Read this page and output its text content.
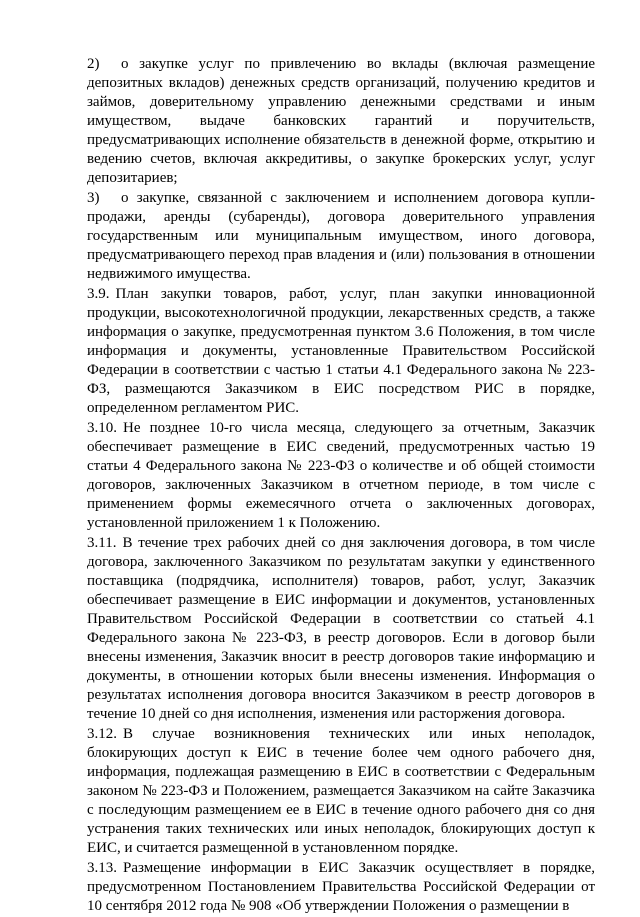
2) о закупке услуг по привлечению во вклады (включая размещение депозитных вкладов) денежных средств организаций, получению кредитов и займов, доверительному управлению денежными средствами и иным имуществом, выдаче банковских гарантий и поручительств, предусматривающих исполнение обязательств в денежной форме, открытию и ведению счетов, включая аккредитивы, о закупке брокерских услуг, услуг депозитариев;

3) о закупке, связанной с заключением и исполнением договора купли-продажи, аренды (субаренды), договора доверительного управления государственным или муниципальным имуществом, иного договора, предусматривающего переход прав владения и (или) пользования в отношении недвижимого имущества.

3.9. План закупки товаров, работ, услуг, план закупки инновационной продукции, высокотехнологичной продукции, лекарственных средств, а также информация о закупке, предусмотренная пунктом 3.6 Положения, в том числе информация и документы, установленные Правительством Российской Федерации в соответствии с частью 1 статьи 4.1 Федерального закона № 223-ФЗ, размещаются Заказчиком в ЕИС посредством РИС в порядке, определенном регламентом РИС.

3.10. Не позднее 10-го числа месяца, следующего за отчетным, Заказчик обеспечивает размещение в ЕИС сведений, предусмотренных частью 19 статьи 4 Федерального закона № 223-ФЗ о количестве и об общей стоимости договоров, заключенных Заказчиком в отчетном периоде, в том числе с применением формы ежемесячного отчета о заключенных договорах, установленной приложением 1 к Положению.

3.11. В течение трех рабочих дней со дня заключения договора, в том числе договора, заключенного Заказчиком по результатам закупки у единственного поставщика (подрядчика, исполнителя) товаров, работ, услуг, Заказчик обеспечивает размещение в ЕИС информации и документов, установленных Правительством Российской Федерации в соответствии со статьей 4.1 Федерального закона № 223-ФЗ, в реестр договоров. Если в договор были внесены изменения, Заказчик вносит в реестр договоров такие информацию и документы, в отношении которых были внесены изменения. Информация о результатах исполнения договора вносится Заказчиком в реестр договоров в течение 10 дней со дня исполнения, изменения или расторжения договора.

3.12. В случае возникновения технических или иных неполадок, блокирующих доступ к ЕИС в течение более чем одного рабочего дня, информация, подлежащая размещению в ЕИС в соответствии с Федеральным законом № 223-ФЗ и Положением, размещается Заказчиком на сайте Заказчика с последующим размещением ее в ЕИС в течение одного рабочего дня со дня устранения таких технических или иных неполадок, блокирующих доступ к ЕИС, и считается размещенной в установленном порядке.

3.13. Размещение информации в ЕИС Заказчик осуществляет в порядке, предусмотренном Постановлением Правительства Российской Федерации от 10 сентября 2012 года № 908 «Об утверждении Положения о размещении в
